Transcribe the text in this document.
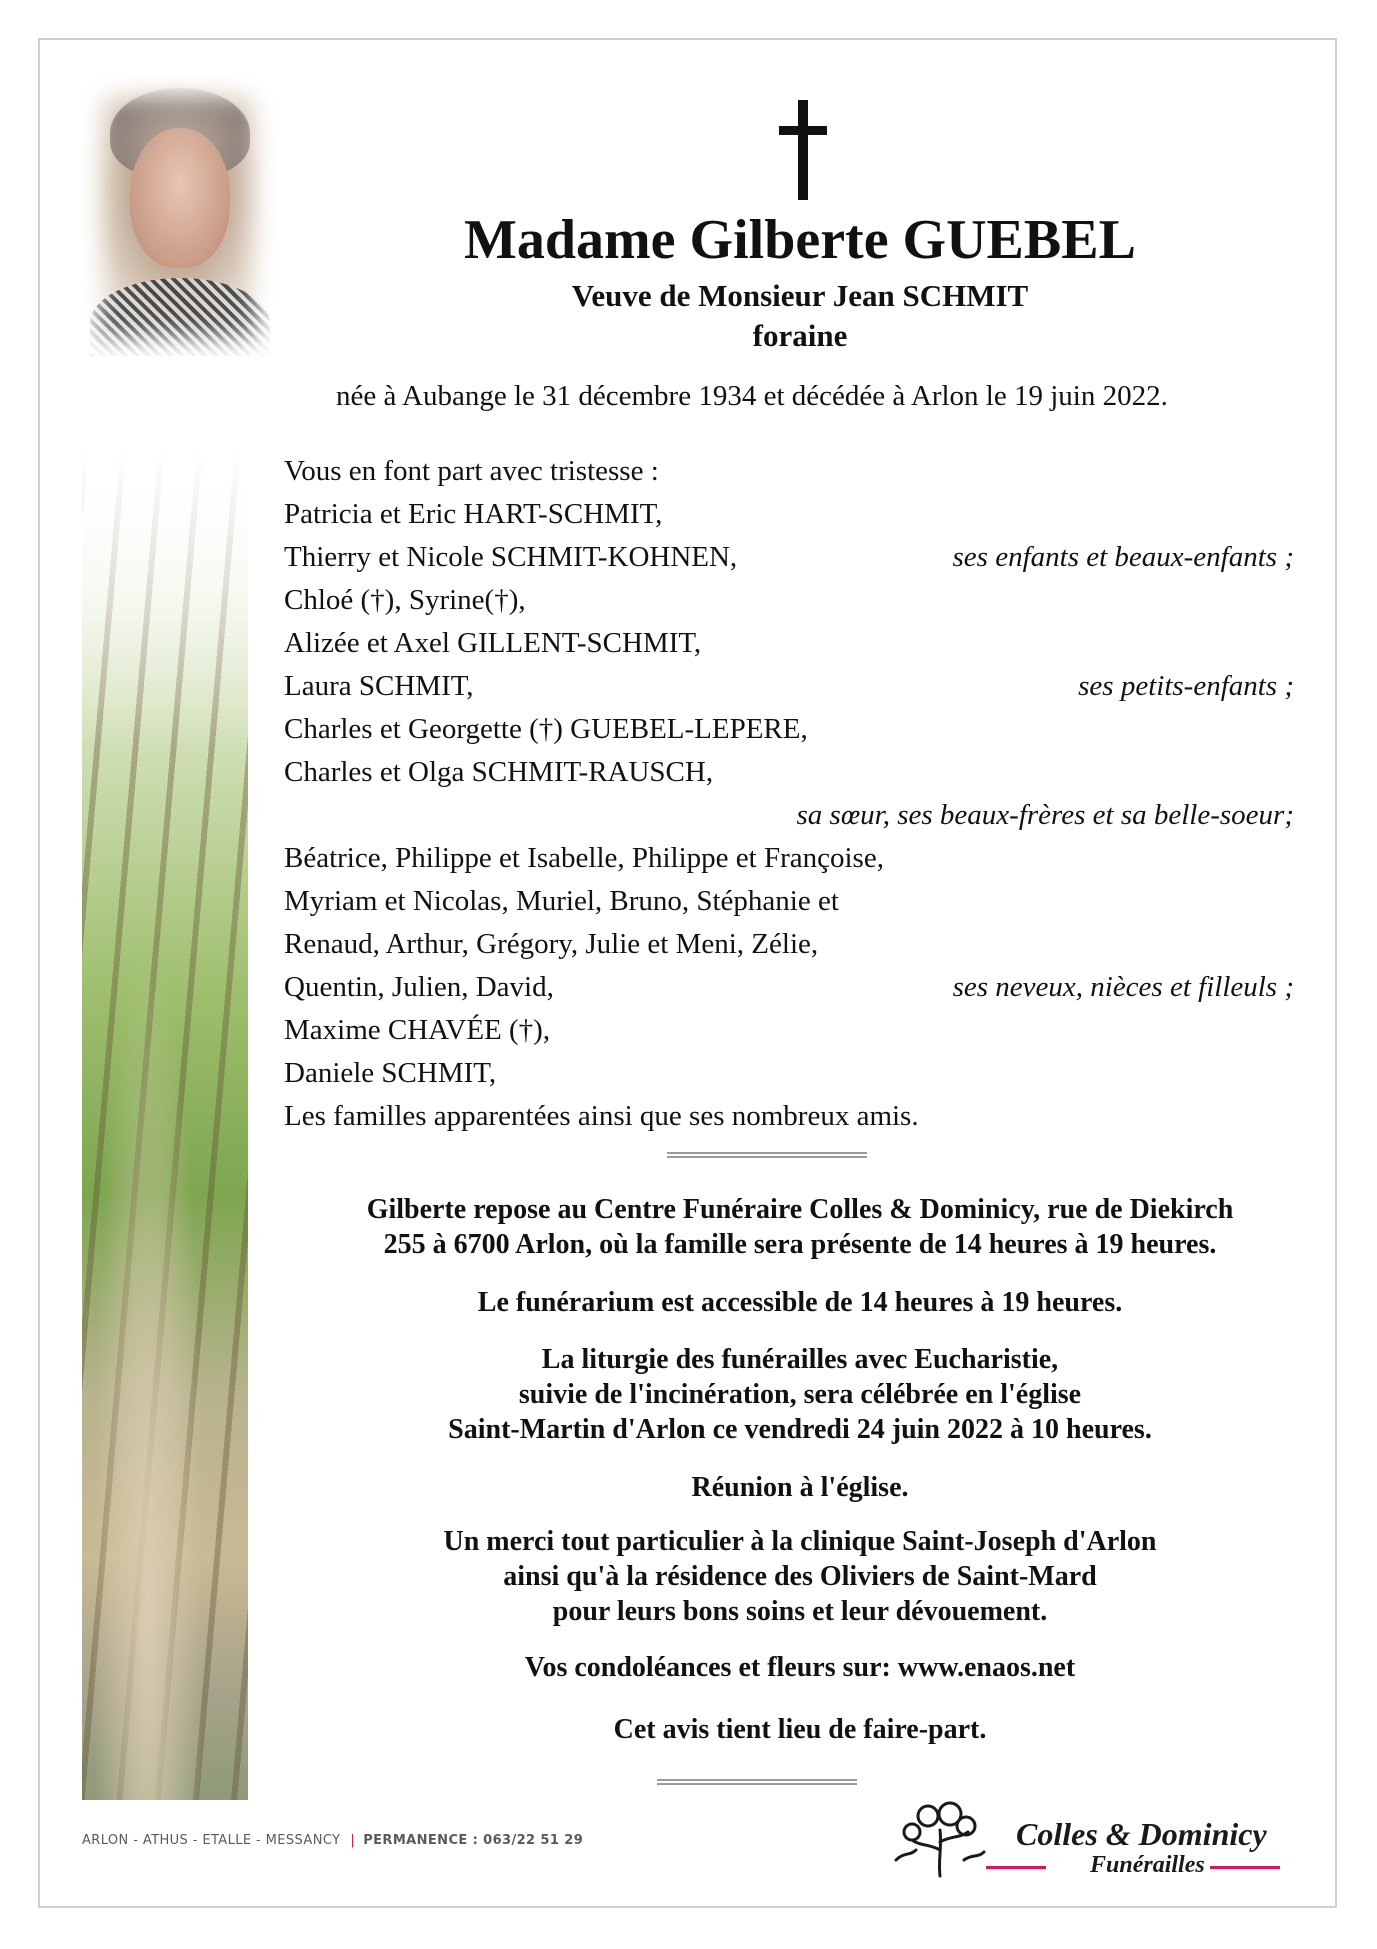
Madame Gilberte GUEBEL
Veuve de Monsieur Jean SCHMIT
foraine
née à Aubange le 31 décembre 1934 et décédée à Arlon le 19 juin 2022.
Vous en font part avec tristesse :
Patricia et Eric HART-SCHMIT,
Thierry et Nicole SCHMIT-KOHNEN,	ses enfants et beaux-enfants ;
Chloé (†), Syrine(†),
Alizée et Axel GILLENT-SCHMIT,
Laura SCHMIT,	ses petits-enfants ;
Charles et Georgette (†) GUEBEL-LEPERE,
Charles et Olga SCHMIT-RAUSCH,
sa sœur, ses beaux-frères et sa belle-soeur;
Béatrice, Philippe et Isabelle, Philippe et Françoise,
Myriam et Nicolas, Muriel, Bruno, Stéphanie et
Renaud, Arthur, Grégory, Julie et Meni, Zélie,
Quentin, Julien, David,	ses neveux, nièces et filleuls ;
Maxime CHAVÉE (†),
Daniele SCHMIT,
Les familles apparentées ainsi que ses nombreux amis.

Gilberte repose au Centre Funéraire Colles & Dominicy, rue de Diekirch

255 à 6700 Arlon, où la famille sera présente de 14 heures à 19 heures.

Le funérarium est accessible de 14 heures à 19 heures.

La liturgie des funérailles avec Eucharistie,

suivie de l'incinération, sera célébrée en l'église

Saint-Martin d'Arlon ce vendredi 24 juin 2022 à 10 heures.

Réunion à l'église.

Un merci tout particulier à la clinique Saint-Joseph d'Arlon

ainsi qu'à la résidence des Oliviers de Saint-Mard

pour leurs bons soins et leur dévouement.

Vos condoléances et fleurs sur: www.enaos.net
Cet avis tient lieu de faire-part.
ARLON - ATHUS - ETALLE - MESSANCY | PERMANENCE : 063/22 51 29	Colles & Dominicy
Funérailles
